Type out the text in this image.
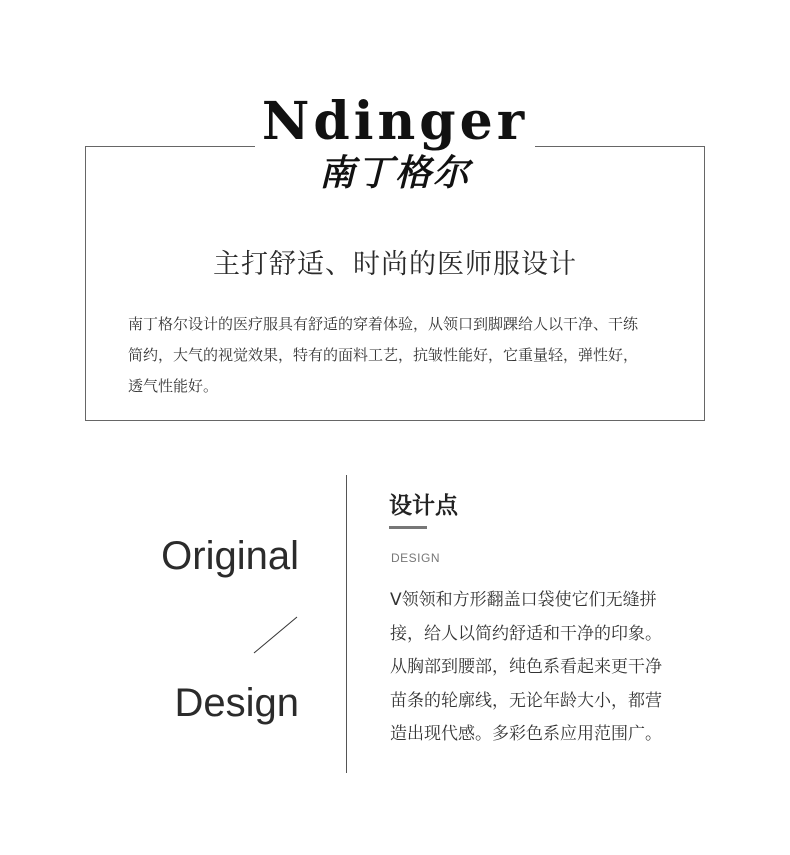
Ndinger
南丁格尔
主打舒适、时尚的医师服设计
南丁格尔设计的医疗服具有舒适的穿着体验，从领口到脚踝给人以干净、干练
简约，大气的视觉效果，特有的面料工艺，抗皱性能好，它重量轻，弹性好，
透气性能好。
Original
Design
设计点
DESIGN
V领领和方形翻盖口袋使它们无缝拼
接，给人以简约舒适和干净的印象。
从胸部到腰部，纯色系看起来更干净
苗条的轮廓线，无论年龄大小，都营
造出现代感。多彩色系应用范围广。
